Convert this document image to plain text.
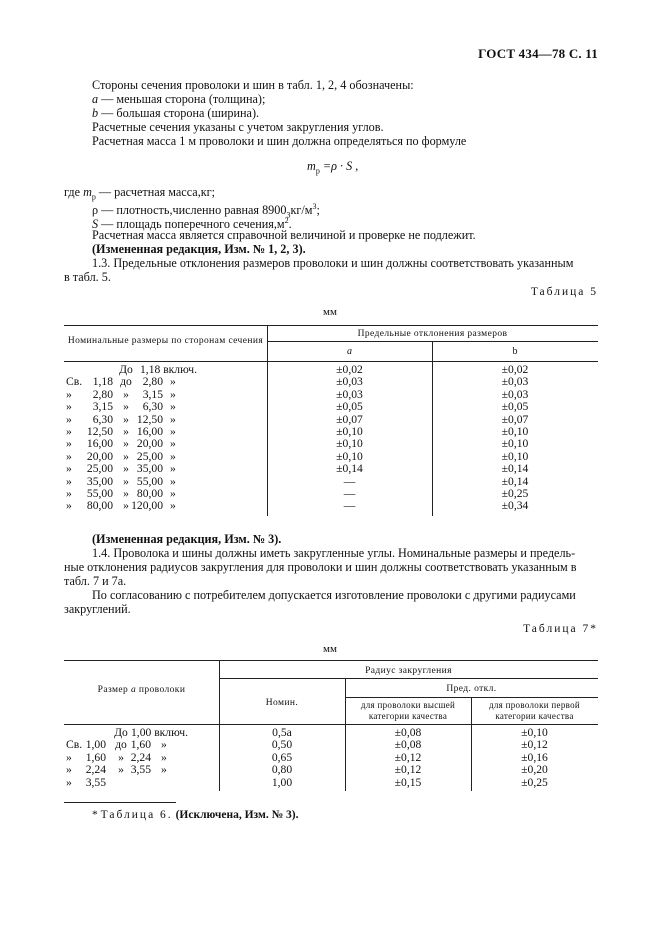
ГОСТ 434—78 С. 11
Стороны сечения проволоки и шин в табл. 1, 2, 4 обозначены:
a — меньшая сторона (толщина);
b — большая сторона (ширина).
Расчетные сечения указаны с учетом закругления углов.
Расчетная масса 1 м проволоки и шин должна определяться по формуле
$m_р =\rho \cdot S$ ,
где $m_р$ — расчетная масса,кг;
ρ — плотность,численно равная $8900_3кг/м^3$;
S — площадь поперечного $сечения,м^2$.
Расчетная масса является справочной величиной и проверке не подлежит.
(Измененная редакция, Изм. № 1, 2, 3).
1.3. Предельные отклонения размеров проволоки и шин должны соответствовать указанным
в табл. 5.
Таблица 5
мм
Номинальные размеры по сторонам сечения
Предельные отклонения размеров
a	b
До 1,18 включ.	±0,02	±0,02
Св. 1,18 до 2,80 »	±0,03	±0,03
»	2,80 »	3,15 »	±0,03	±0,03
»	3,15 »	6,30 »	±0,05	±0,05
»	6,30 » 12,50 »	±0,07	±0,07
»	12,50 » 16,00 »	±0,10	±0,10
»	16,00 » 20,00 »	±0,10	±0,10
»	20,00 » 25,00 »	±0,10	±0,10
»	25,00 » 35,00 »	±0,14	±0,14
»	35,00 » 55,00 »	—	±0,14
»	55,00 » 80,00 »	—	±0,25
»	80,00 » 120,00 »	—	±0,34
(Измененная редакция, Изм. № 3).
1.4. Проволока и шины должны иметь закругленные углы. Номинальные размеры и предель-
ные отклонения радиусов закругления для проволоки и шин должны соответствовать указанным в
табл. 7 и 7а.
По согласованию с потребителем допускается изготовление проволоки с другими радиусами
закруглений.
Таблица 7*
мм
Размер a проволоки
Радиус закругления
Номин.
Пред. откл.
для проволоки высшей
категории качества
для проволоки первой
категории качества
До 1,00 включ.	0,5a	±0,08	±0,10
Св. 1,00 до 1,60 »	0,50	±0,08	±0,12
»	1,60	» 2,24 »	0,65	±0,12	±0,16
»	2,24	» 3,55 »	0,80	±0,12	±0,20
»	3,55	1,00	±0,15	±0,25
* Таблица 6. (Исключена, Изм. № 3).
